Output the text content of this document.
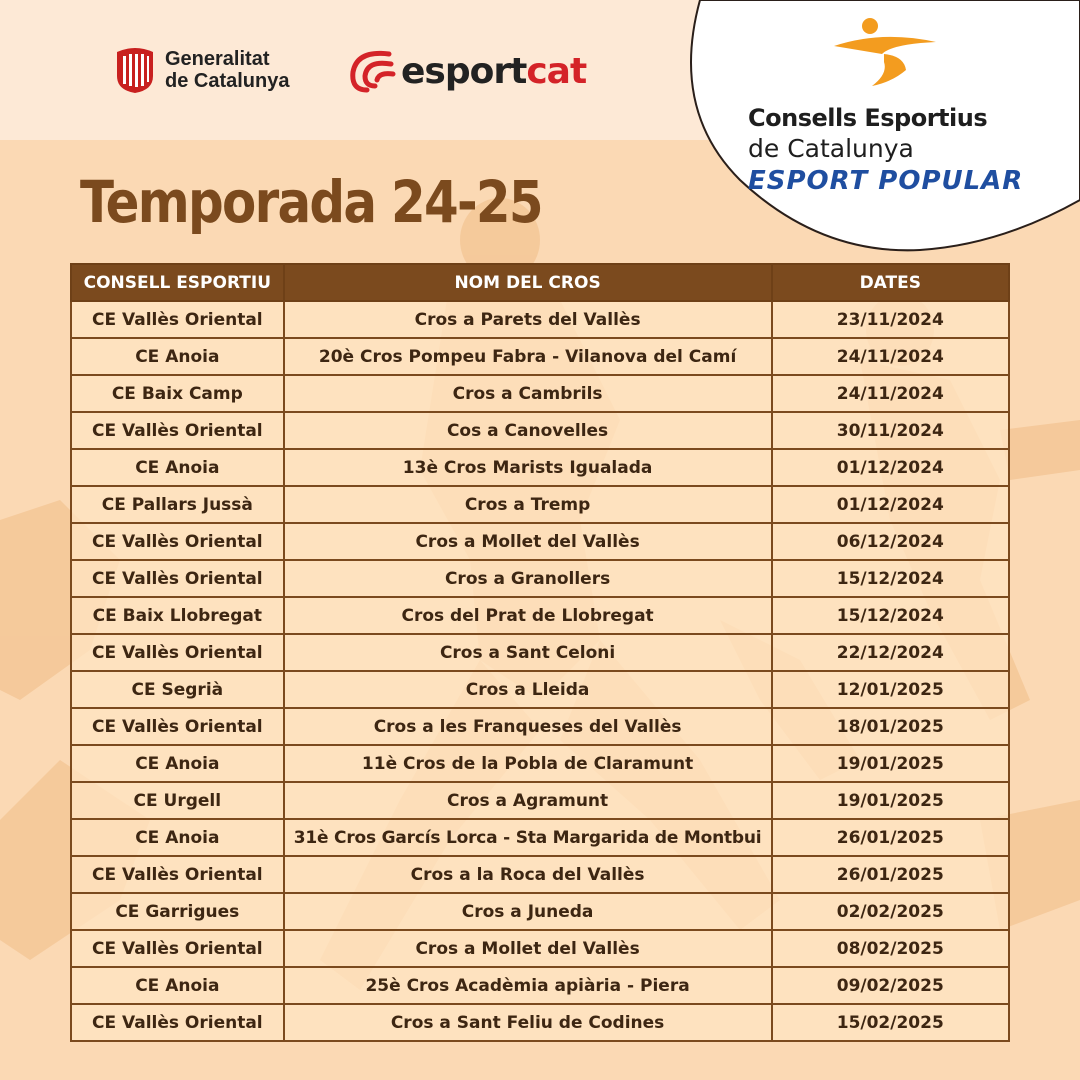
Generalitat
de Catalunya	esportcat
Consells Esportius
de Catalunya
ESPORT POPULAR
Temporada 24-25
CONSELL ESPORTIU	NOM DEL CROS	DATES
CE Vallès Oriental	Cros a Parets del Vallès	23/11/2024
CE Anoia	20è Cros Pompeu Fabra - Vilanova del Camí	24/11/2024
CE Baix Camp	Cros a Cambrils	24/11/2024
CE Vallès Oriental	Cos a Canovelles	30/11/2024
CE Anoia	13è Cros Marists Igualada	01/12/2024
CE Pallars Jussà	Cros a Tremp	01/12/2024
CE Vallès Oriental	Cros a Mollet del Vallès	06/12/2024
CE Vallès Oriental	Cros a Granollers	15/12/2024
CE Baix Llobregat	Cros del Prat de Llobregat	15/12/2024
CE Vallès Oriental	Cros a Sant Celoni	22/12/2024
CE Segrià	Cros a Lleida	12/01/2025
CE Vallès Oriental	Cros a les Franqueses del Vallès	18/01/2025
CE Anoia	11è Cros de la Pobla de Claramunt	19/01/2025
CE Urgell	Cros a Agramunt	19/01/2025
CE Anoia	31è Cros Garcís Lorca - Sta Margarida de Montbui	26/01/2025
CE Vallès Oriental	Cros a la Roca del Vallès	26/01/2025
CE Garrigues	Cros a Juneda	02/02/2025
CE Vallès Oriental	Cros a Mollet del Vallès	08/02/2025
CE Anoia	25è Cros Acadèmia apiària - Piera	09/02/2025
CE Vallès Oriental	Cros a Sant Feliu de Codines	15/02/2025
